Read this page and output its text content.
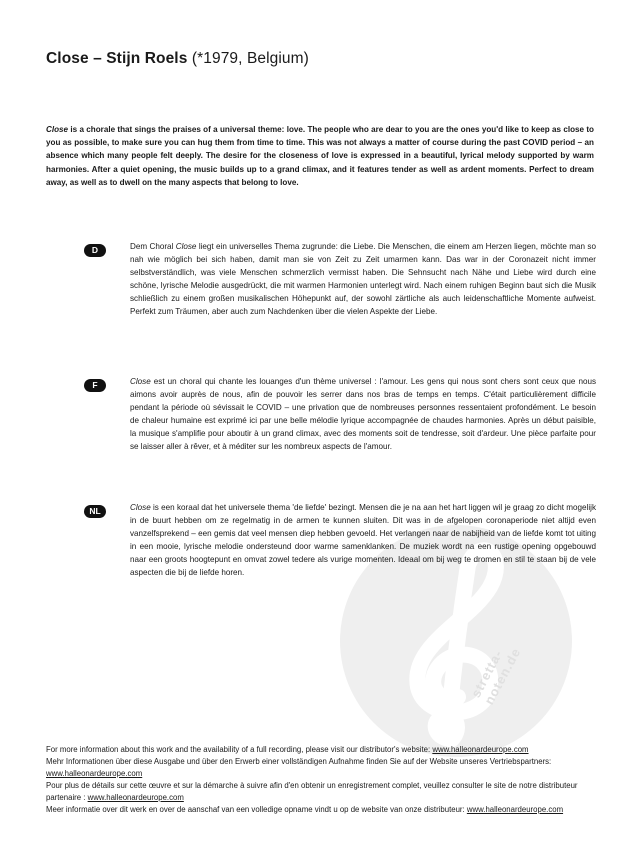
stretta-noten.de
Close – Stijn Roels (*1979, Belgium)

Close is a chorale that sings the praises of a universal theme: love. The people who are dear to you are the ones you'd like to keep as close to you as possible, to make sure you can hug them from time to time. This was not always a matter of course during the past COVID period – an absence which many people felt deeply. The desire for the closeness of love is expressed in a beautiful, lyrical melody supported by warm harmonies. After a quiet opening, the music builds up to a grand climax, and it features tender as well as ardent moments. Perfect to dream away, as well as to dwell on the many aspects that belong to love.

D	Dem Choral Close liegt ein universelles Thema zugrunde: die Liebe. Die Menschen, die einem am Herzen liegen, möchte man so nah wie möglich bei sich haben, damit man sie von Zeit zu Zeit umarmen kann. Das war in der Coronazeit nicht immer selbstverständlich, was viele Menschen schmerzlich vermisst haben. Die Sehnsucht nach Nähe und Liebe wird durch eine schöne, lyrische Melodie ausgedrückt, die mit warmen Harmonien unterlegt wird. Nach einem ruhigen Beginn baut sich die Musik schließlich zu einem großen musikalischen Höhepunkt auf, der sowohl zärtliche als auch leidenschaftliche Momente aufweist. Perfekt zum Träumen, aber auch zum Nachdenken über die vielen Aspekte der Liebe.

F	Close est un choral qui chante les louanges d'un thème universel : l'amour. Les gens qui nous sont chers sont ceux que nous aimons avoir auprès de nous, afin de pouvoir les serrer dans nos bras de temps en temps. C'était particulièrement difficile pendant la période où sévissait le COVID – une privation que de nombreuses personnes ressentaient profondément. Le besoin de chaleur humaine est exprimé ici par une belle mélodie lyrique accompagnée de chaudes harmonies. Après un début paisible, la musique s'amplifie pour aboutir à un grand climax, avec des moments soit de tendresse, soit d'ardeur. Une pièce parfaite pour se laisser aller à rêver, et à méditer sur les nombreux aspects de l'amour.

NL	Close is een koraal dat het universele thema 'de liefde' bezingt. Mensen die je na aan het hart liggen wil je graag zo dicht mogelijk in de buurt hebben om ze regelmatig in de armen te kunnen sluiten. Dit was in de afgelopen coronaperiode niet altijd even vanzelfsprekend – een gemis dat veel mensen diep hebben gevoeld. Het verlangen naar de nabijheid van de liefde komt tot uiting in een mooie, lyrische melodie ondersteund door warme samenklanken. De muziek wordt na een rustige opening opgebouwd naar een groots hoogtepunt en omvat zowel tedere als vurige momenten. Ideaal om bij weg te dromen en stil te staan bij de vele aspecten die bij de liefde horen.

For more information about this work and the availability of a full recording, please visit our distributor's website: www.halleonardeurope.com

Mehr Informationen über diese Ausgabe und über den Erwerb einer vollständigen Aufnahme finden Sie auf der Website unseres Vertriebspartners: www.halleonardeurope.com

Pour plus de détails sur cette œuvre et sur la démarche à suivre afin d'en obtenir un enregistrement complet, veuillez consulter le site de notre distributeur partenaire : www.halleonardeurope.com

Meer informatie over dit werk en over de aanschaf van een volledige opname vindt u op de website van onze distributeur: www.halleonardeurope.com
